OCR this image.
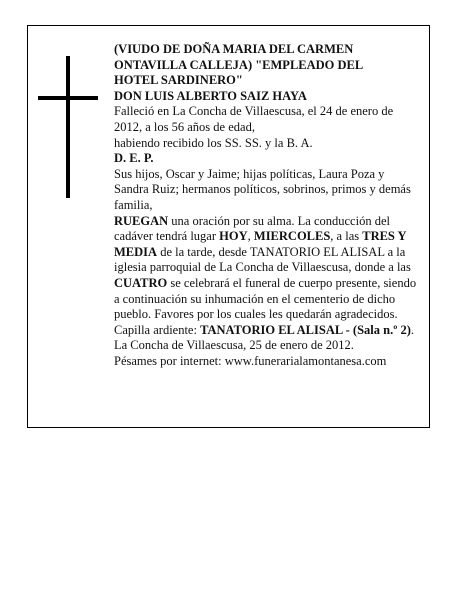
(VIUDO DE DOÑA MARIA DEL CARMEN

ONTAVILLA CALLEJA) "EMPLEADO DEL

HOTEL SARDINERO"

DON LUIS ALBERTO SAIZ HAYA

Falleció en La Concha de Villaescusa, el 24 de enero de 2012, a los 56 años de edad,

habiendo recibido los SS. SS. y la B. A.

D. E. P.

Sus hijos, Oscar y Jaime; hijas políticas, Laura Poza y Sandra Ruiz; hermanos políticos, sobrinos, primos y demás familia,

RUEGAN una oración por su alma. La conducción del cadáver tendrá lugar HOY, MIERCOLES, a las TRES Y MEDIA de la tarde, desde TANATORIO EL ALISAL a la iglesia parroquial de La Concha de Villaescusa, donde a las CUATRO se celebrará el funeral de cuerpo presente, siendo a continuación su inhumación en el cementerio de dicho pueblo. Favores por los cuales les quedarán agradecidos. Capilla ardiente: TANATORIO EL ALISAL - (Sala n.º 2).

La Concha de Villaescusa, 25 de enero de 2012.

Pésames por internet: www.funerarialamontanesa.com
